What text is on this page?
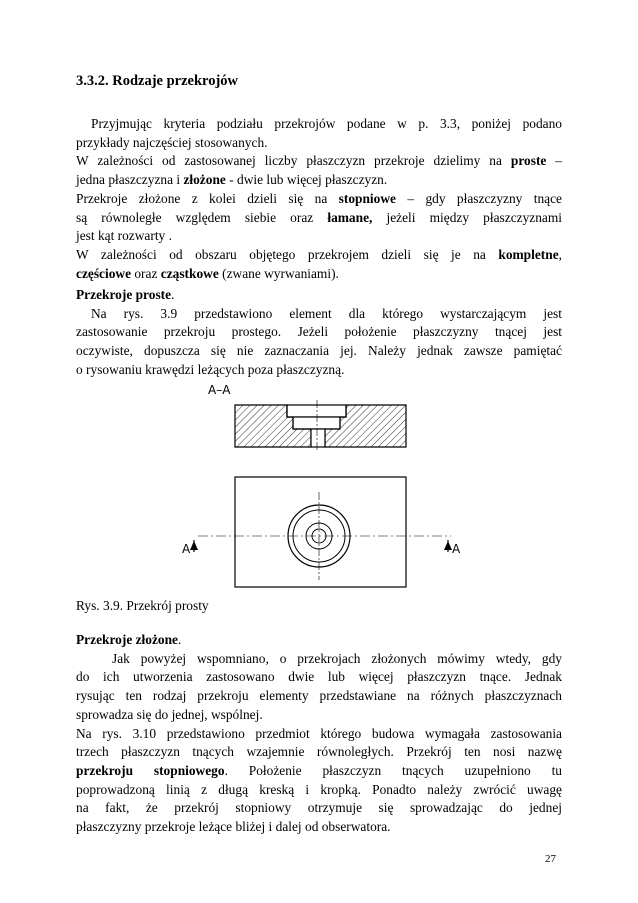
3.3.2. Rodzaje przekrojów
Przyjmując kryteria podziału przekrojów podane w p. 3.3, poniżej podano
przykłady najczęściej stosowanych.
W zależności od zastosowanej liczby płaszczyzn przekroje dzielimy na proste –
jedna płaszczyzna i złożone - dwie lub więcej płaszczyzn.
Przekroje złożone z kolei dzieli się na stopniowe – gdy płaszczyzny tnące
są równoległe względem siebie oraz łamane, jeżeli między płaszczyznami
jest kąt rozwarty .
W zależności od obszaru objętego przekrojem dzieli się je na kompletne,
częściowe oraz cząstkowe (zwane wyrwaniami).
Przekroje proste.
Na rys. 3.9 przedstawiono element dla którego wystarczającym jest
zastosowanie przekroju prostego. Jeżeli położenie płaszczyzny tnącej jest
oczywiste, dopuszcza się nie zaznaczania jej. Należy jednak zawsze pamiętać
o rysowaniu krawędzi leżących poza płaszczyzną.
A–A
A	A

Rys. 3.9. Przekrój prosty

Przekroje złożone.
Jak powyżej wspomniano, o przekrojach złożonych mówimy wtedy, gdy
do ich utworzenia zastosowano dwie lub więcej płaszczyzn tnące. Jednak
rysując ten rodzaj przekroju elementy przedstawiane na różnych płaszczyznach
sprowadza się do jednej, wspólnej.
Na rys. 3.10 przedstawiono przedmiot którego budowa wymagała zastosowania
trzech płaszczyzn tnących wzajemnie równoległych. Przekrój ten nosi nazwę
przekroju stopniowego. Położenie płaszczyzn tnących uzupełniono tu
poprowadzoną linią z długą kreską i kropką. Ponadto należy zwrócić uwagę
na fakt, że przekrój stopniowy otrzymuje się sprowadzając do jednej
płaszczyzny przekroje leżące bliżej i dalej od obserwatora.

27
